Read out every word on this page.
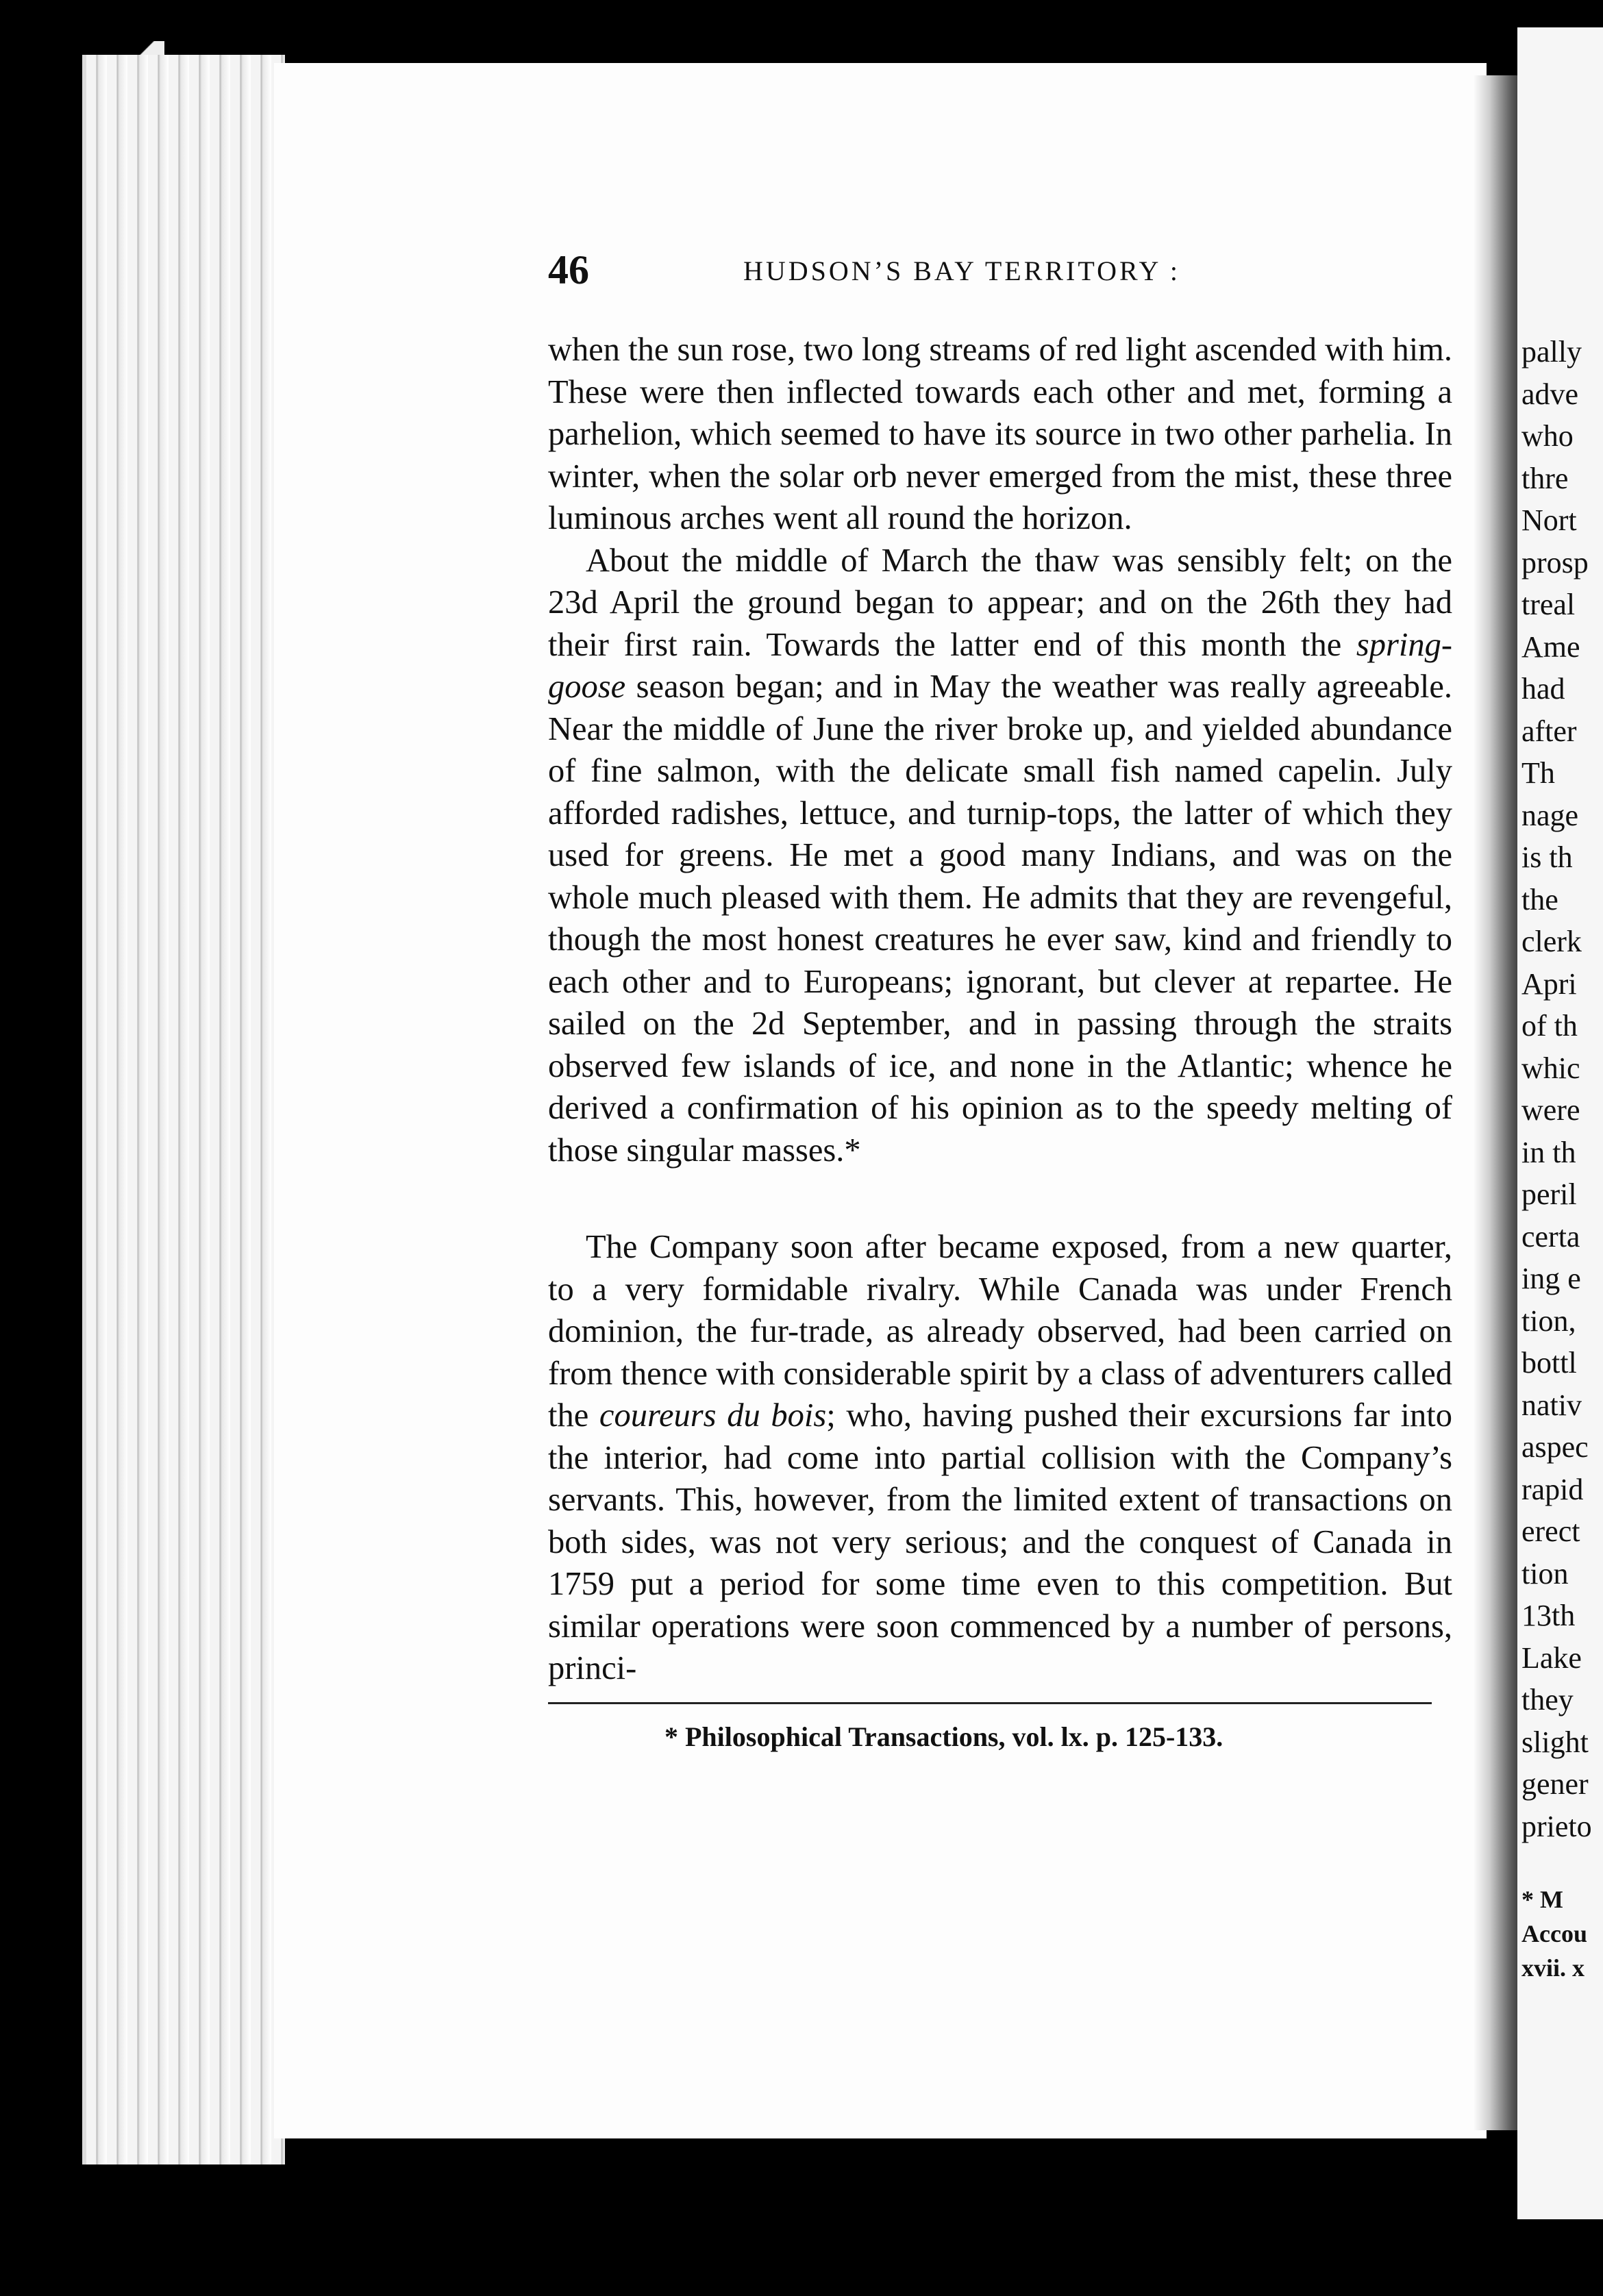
pally
adve
who
thre
Nort
prosp
treal
Ame
had
after
Th
nage
is th
the
clerk
Apri
of th
whic
were
in th
peril
certa
ing e
tion,
bottl
nativ
aspec
rapid
erect
tion
13th
Lake
they
slight
gener
prieto
* M
Accou
xvii. x
46	HUDSON’S BAY TERRITORY :

when the sun rose, two long streams of red light ascended with him. These were then inflected towards each other and met, forming a parhelion, which seemed to have its source in two other parhelia. In winter, when the solar orb never emerged from the mist, these three luminous arches went all round the horizon.

About the middle of March the thaw was sensibly felt; on the 23d April the ground began to appear; and on the 26th they had their first rain. Towards the latter end of this month the spring-goose season began; and in May the weather was really agreeable. Near the middle of June the river broke up, and yielded abundance of fine salmon, with the delicate small fish named capelin. July afforded radishes, lettuce, and turnip-tops, the latter of which they used for greens. He met a good many Indians, and was on the whole much pleased with them. He admits that they are revengeful, though the most honest creatures he ever saw, kind and friendly to each other and to Europeans; ignorant, but clever at repartee. He sailed on the 2d September, and in passing through the straits observed few islands of ice, and none in the Atlantic; whence he derived a confirmation of his opinion as to the speedy melting of those singular masses.*

The Company soon after became exposed, from a new quarter, to a very formidable rivalry. While Canada was under French dominion, the fur-trade, as already observed, had been carried on from thence with considerable spirit by a class of adventurers called the coureurs du bois; who, having pushed their excursions far into the interior, had come into partial collision with the Company’s servants. This, however, from the limited extent of transactions on both sides, was not very serious; and the conquest of Canada in 1759 put a period for some time even to this competition. But similar operations were soon commenced by a number of persons, princi-

* Philosophical Transactions, vol. lx. p. 125-133.
